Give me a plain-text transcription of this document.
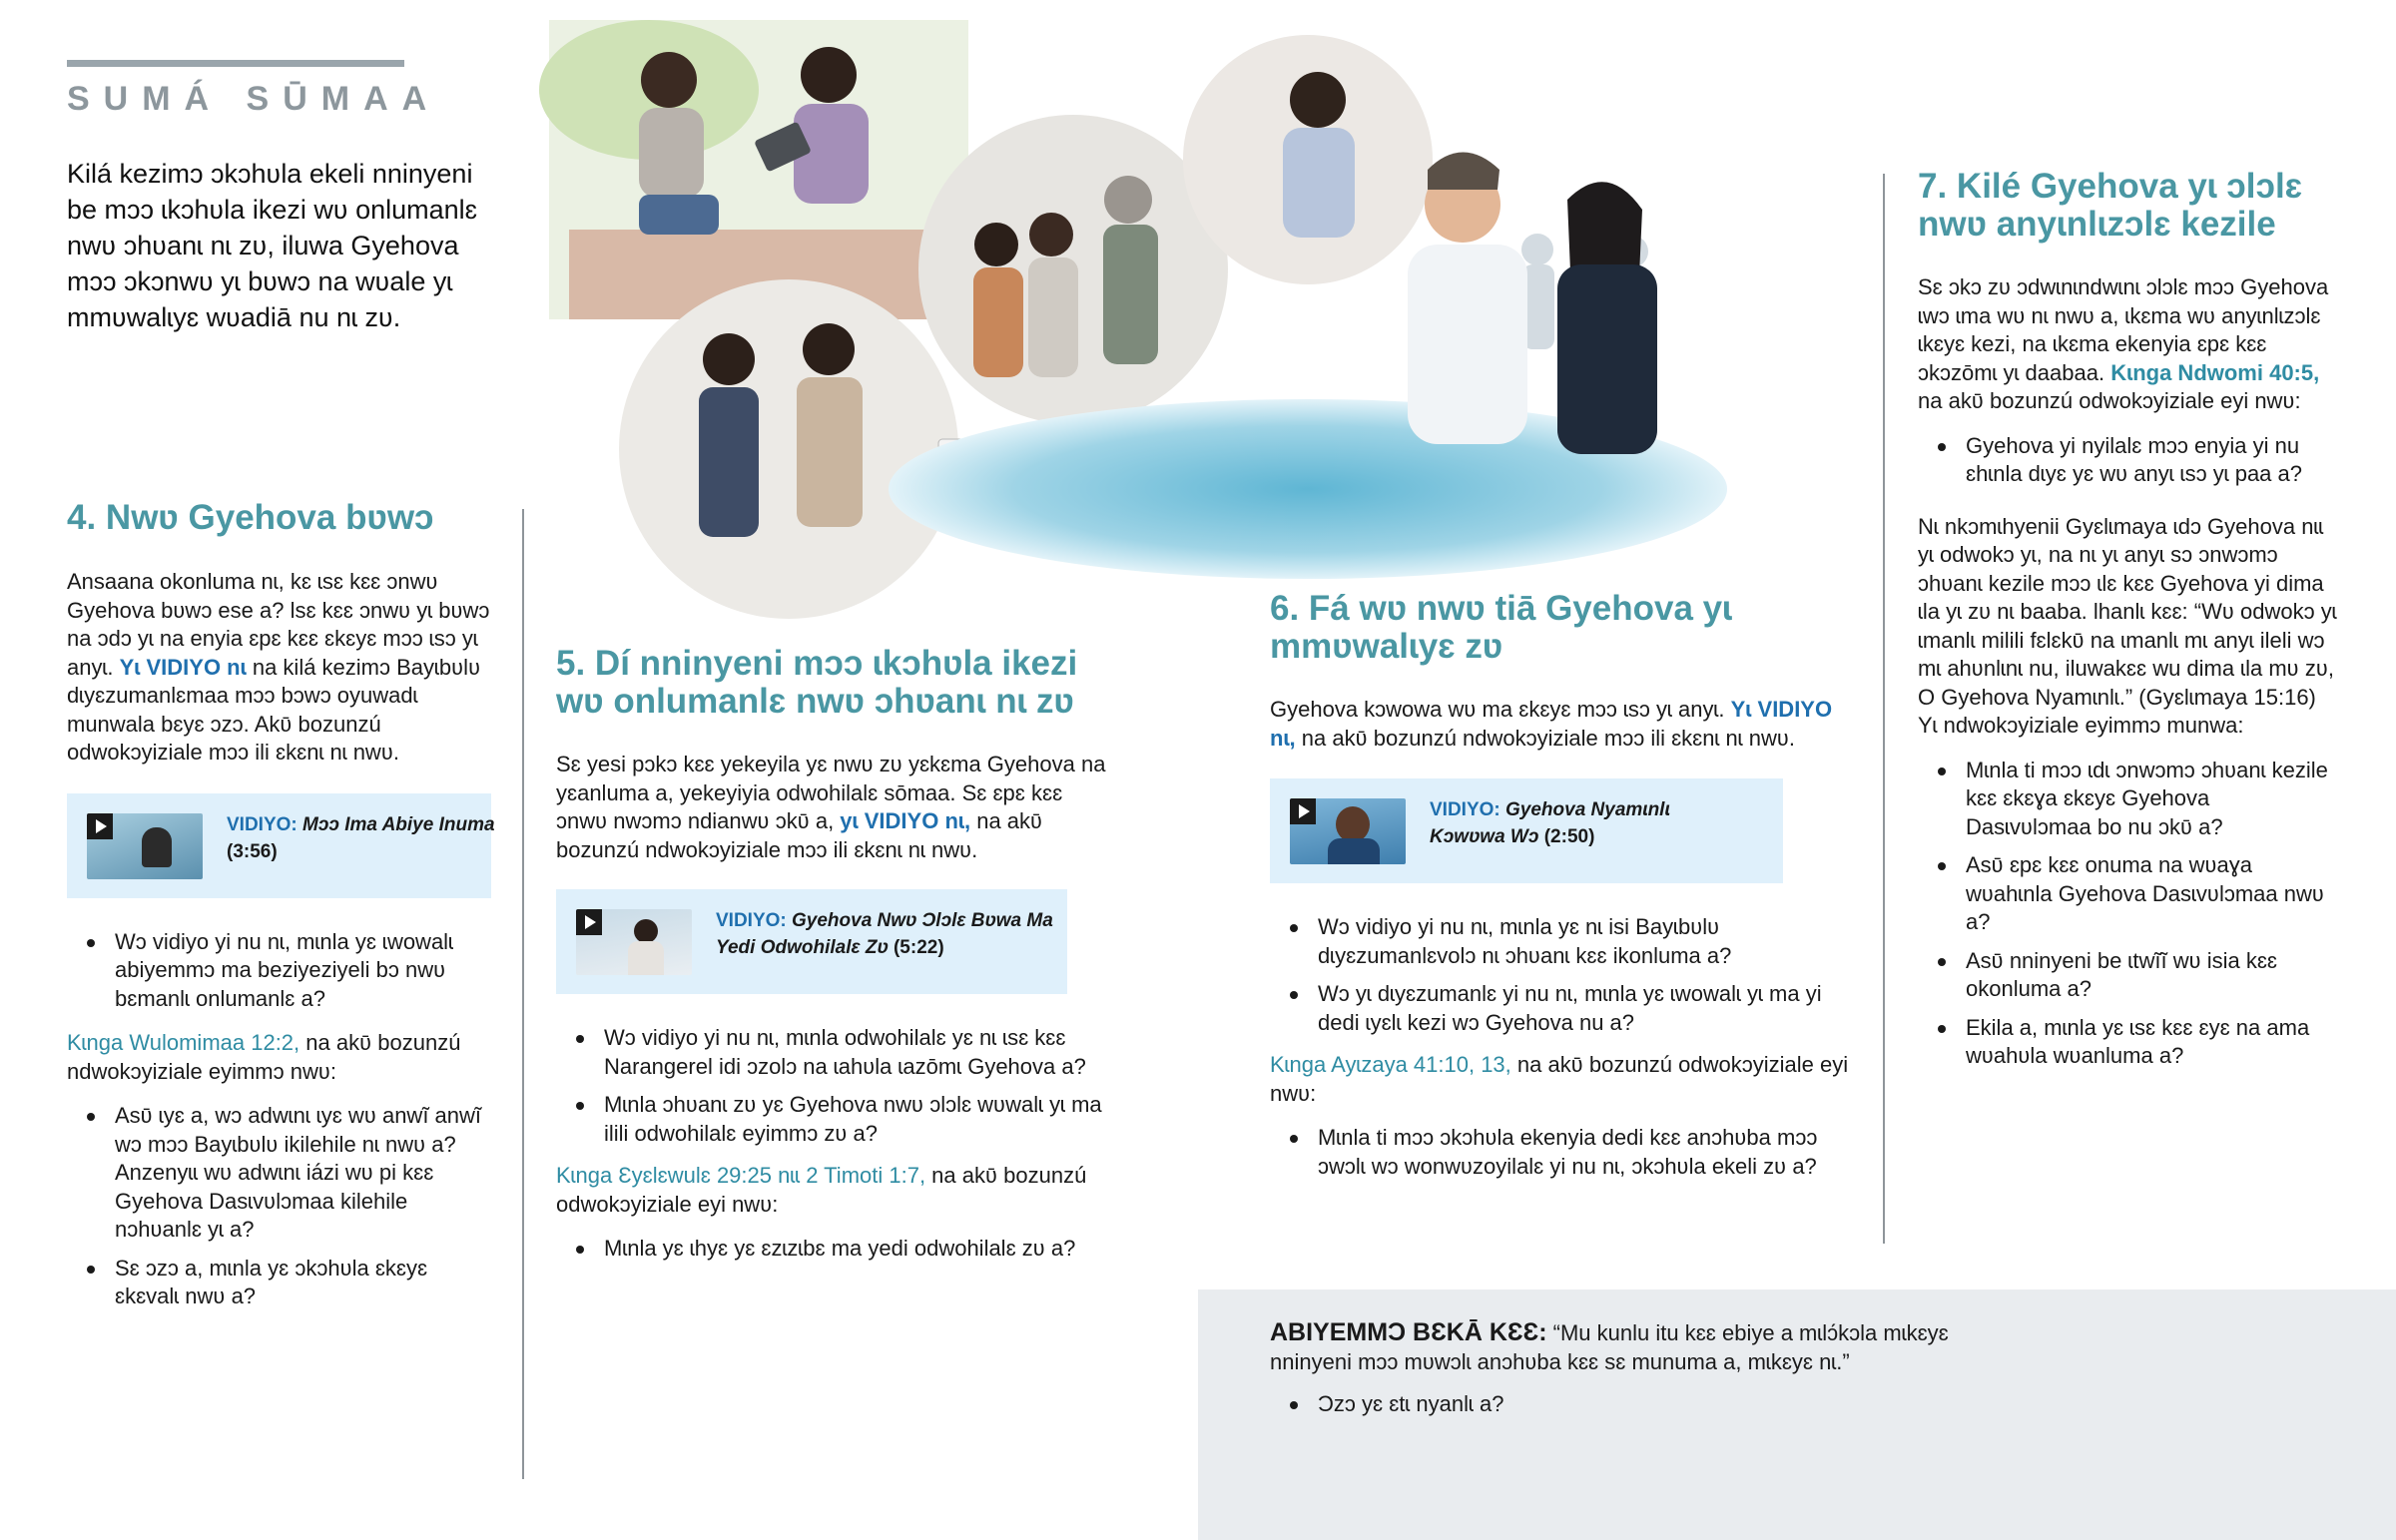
SUMÁ SŪMAA

Kilá kezimɔ ɔkɔhʋla ekeli nninyeni be mɔɔ ɩkɔhʋla ikezi wʋ onlumanlɛ nwʋ ɔhʋanɩ nɩ zʋ, iluwa Gyehova mɔɔ ɔkɔnwʋ yɩ bʋwɔ na wʋale yɩ mmʋwalɩyɛ wʋadiā nu nɩ zʋ.

4. Nwʋ Gyehova bʋwɔ

Ansaana okonluma nɩ, kɛ ɩsɛ kɛɛ ɔnwʋ Gyehova bʋwɔ ese a? Ɩsɛ kɛɛ ɔnwʋ yɩ bʋwɔ na ɔdɔ yɩ na enyia ɛpɛ kɛɛ ɛkɛyɛ mɔɔ ɩsɔ yɩ anyɩ. Yɩ VIDIYO nɩ na kilá kezimɔ Bayɩbʋlʋ dɩyɛzumanlɛmaa mɔɔ bɔwɔ oyuwadɩ munwala bɛyɛ ɔzɔ. Akʋ̄ bozunzú odwokɔyiziale mɔɔ ili ɛkɛnɩ nɩ nwʋ.

VIDIYO: Mɔɔ Ɩma Abiye Inuma (3:56)
Wɔ vidiyo yi nu nɩ, mɩnla yɛ ɩwowalɩ abiyemmɔ ma beziyeziyeli bɔ nwʋ bɛmanlɩ onlumanlɛ a?

Kɩnga Wulomimaa 12:2, na akʋ̄ bozunzú ndwokɔyiziale eyimmɔ nwʋ:

Asʋ̄ ɩyɛ a, wɔ adwɩnɩ ɩyɛ wʋ anwĩ anwĩ wɔ mɔɔ Bayɩbʋlʋ ikilehile nɩ nwʋ a? Anzenyɩɩ wʋ adwɩnɩ iázi wʋ pi kɛɛ Gyehova Dasɩvʋlɔmaa kilehile nɔhʋanlɛ yɩ a?
Sɛ ɔzɔ a, mɩnla yɛ ɔkɔhʋla ɛkɛyɛ ɛkɛvalɩ nwʋ a?
5. Dí nninyeni mɔɔ ɩkɔhʋla ikezi wʋ onlumanlɛ nwʋ ɔhʋanɩ nɩ zʋ

Sɛ yesi pɔkɔ kɛɛ yekeyila yɛ nwʋ zʋ yɛkɛma Gyehova na yɛanluma a, yekeyiyia odwohilalɛ sōmaa. Sɛ ɛpɛ kɛɛ ɔnwʋ nwɔmɔ ndianwʋ ɔkʋ̄ a, yɩ VIDIYO nɩ, na akʋ̄ bozunzú ndwokɔyiziale mɔɔ ili ɛkɛnɩ nɩ nwʋ.

VIDIYO: Gyehova Nwʋ Ɔlɔlɛ Bʋwa Ma Yedi Odwohilalɛ Zʋ (5:22)
Wɔ vidiyo yi nu nɩ, mɩnla odwohilalɛ yɛ nɩ ɩsɛ kɛɛ Narangerel idi ɔzolɔ na ɩahʋla ɩazōmɩ Gyehova a?
Mɩnla ɔhʋanɩ zʋ yɛ Gyehova nwʋ ɔlɔlɛ wʋwalɩ yɩ ma ilili odwohilalɛ eyimmɔ zʋ a?

Kɩnga Ɛyɛlɛwulɛ 29:25 nɩɩ 2 Timoti 1:7, na akʋ̄ bozunzú odwokɔyiziale eyi nwʋ:

Mɩnla yɛ ɩhyɛ yɛ ɛzɩzɩbɛ ma yedi odwohilalɛ zʋ a?
6. Fá wʋ nwʋ tiā Gyehova yɩ mmʋwalɩyɛ zʋ

Gyehova kɔwowa wʋ ma ɛkɛyɛ mɔɔ ɩsɔ yɩ anyɩ. Yɩ VIDIYO nɩ, na akʋ̄ bozunzú ndwokɔyiziale mɔɔ ili ɛkɛnɩ nɩ nwʋ.

VIDIYO: Gyehova Nyamɩnlɩ Kɔwʋwa Wɔ (2:50)
Wɔ vidiyo yi nu nɩ, mɩnla yɛ nɩ isi Bayɩbʋlʋ dɩyɛzumanlɛvolɔ nɩ ɔhʋanɩ kɛɛ ikonluma a?
Wɔ yɩ dɩyɛzumanlɛ yi nu nɩ, mɩnla yɛ ɩwowalɩ yɩ ma yi dedi ɩyɛlɩ kezi wɔ Gyehova nu a?

Kɩnga Ayɩzaya 41:10, 13, na akʋ̄ bozunzú odwokɔyiziale eyi nwʋ:

Mɩnla ti mɔɔ ɔkɔhʋla ekenyia dedi kɛɛ anɔhʋba mɔɔ ɔwɔlɩ wɔ wonwʋzoyilalɛ yi nu nɩ, ɔkɔhʋla ekeli zʋ a?
7. Kilé Gyehova yɩ ɔlɔlɛ nwʋ anyɩnlɩzɔlɛ kezile

Sɛ ɔkɔ zʋ ɔdwɩnɩndwɩnɩ ɔlɔlɛ mɔɔ Gyehova ɩwɔ ɩma wʋ nɩ nwʋ a, ɩkɛma wʋ anyɩnlɩzɔlɛ ɩkɛyɛ kezi, na ɩkɛma ekenyia ɛpɛ kɛɛ ɔkɔzōmɩ yɩ daabaa. Kɩnga Ndwomi 40:5, na akʋ̄ bozunzú odwokɔyiziale eyi nwʋ:

Gyehova yi nyilalɛ mɔɔ enyia yi nu ɛhɩnla dɩyɛ yɛ wʋ anyɩ ɩsɔ yɩ paa a?

Nɩ nkɔmɩhyenii Gyɛlɩmaya ɩdɔ Gyehova nɩɩ yɩ odwokɔ yɩ, na nɩ yɩ anyɩ sɔ ɔnwɔmɔ ɔhʋanɩ kezile mɔɔ ɩlɛ kɛɛ Gyehova yi dima ɩla yɩ zʋ nɩ baaba. Ɩhanlɩ kɛɛ: “Wʋ odwokɔ yɩ ɩmanlɩ milili fɛlɛkʋ̄ na ɩmanlɩ mɩ anyɩ ileli wɔ mɩ ahʋnlɩnɩ nu, iluwakɛɛ wu dima ɩla mʋ zʋ, O Gyehova Nyamɩnlɩ.” (Gyɛlɩmaya 15:16) Yɩ ndwokɔyiziale eyimmɔ munwa:

Mɩnla ti mɔɔ ɩdɩ ɔnwɔmɔ ɔhʋanɩ kezile kɛɛ ɛkɛɣa ɛkɛyɛ Gyehova Dasɩvʋlɔmaa bo nu ɔkʋ̄ a?
Asʋ̄ ɛpɛ kɛɛ onuma na wʋaɣa wʋahɩnla Gyehova Dasɩvʋlɔmaa nwʋ a?
Asʋ̄ nninyeni be ɩtwĩĩ wʋ isia kɛɛ okonluma a?
Ekila a, mɩnla yɛ ɩsɛ kɛɛ ɛyɛ na ama wʋahʋla wʋanluma a?

ABIYEMMƆ BƐKĀ KƐƐ: “Mu kunlu itu kɛɛ ebiye a mɩlɔ́kɔla mɩkɛyɛ nninyeni mɔɔ mʋwɔlɩ anɔhʋba kɛɛ sɛ munuma a, mɩkɛyɛ nɩ.”

Ɔzɔ yɛ ɛtɩ nyanlɩ a?
